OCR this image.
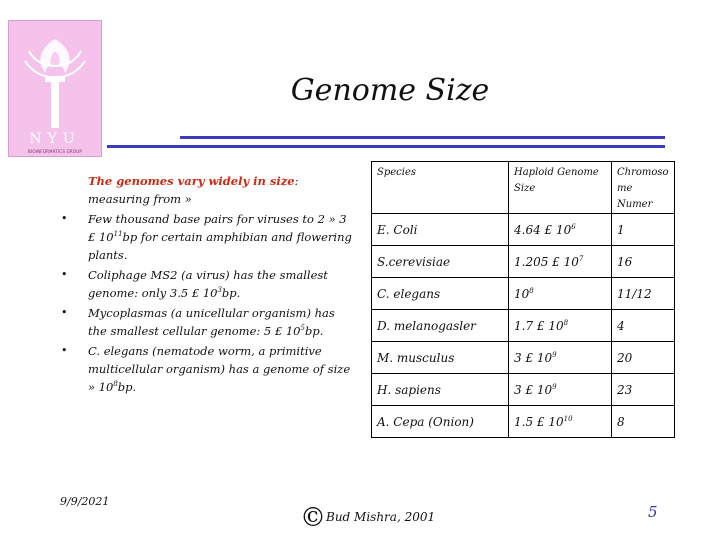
NYU
BIOINFORMATICS GROUP
Genome Size

The genomes vary widely in size: measuring from »

• Few thousand base pairs for viruses to 2 » 3 £ $10^{11}bp$ for certain amphibian and flowering plants.
• Coliphage MS2 (a virus) has the smallest genome: only 3.5 £ $10^3bp$.
• Mycoplasmas (a unicellular organism) has the smallest cellular genome: 5 £ $10^5bp$.
• C. elegans (nematode worm, a primitive multicellular organism) has a genome of size » $10^8bp$.
Species	Haploid Genome Size	Chromoso me Numer
E. Coli	4.64 £ $10^6$	1
S.cerevisiae	1.205 £ $10^7$	16
C. elegans	$10^8$	11/12
D. melanogasler	1.7 £ $10^8$	4
M. musculus	3 £ $10^9$	20
H. sapiens	3 £ $10^9$	23
A. Cepa (Onion)	1.5 £ $10^{10}$	8
9/9/2021
©Bud Mishra, 2001	5
